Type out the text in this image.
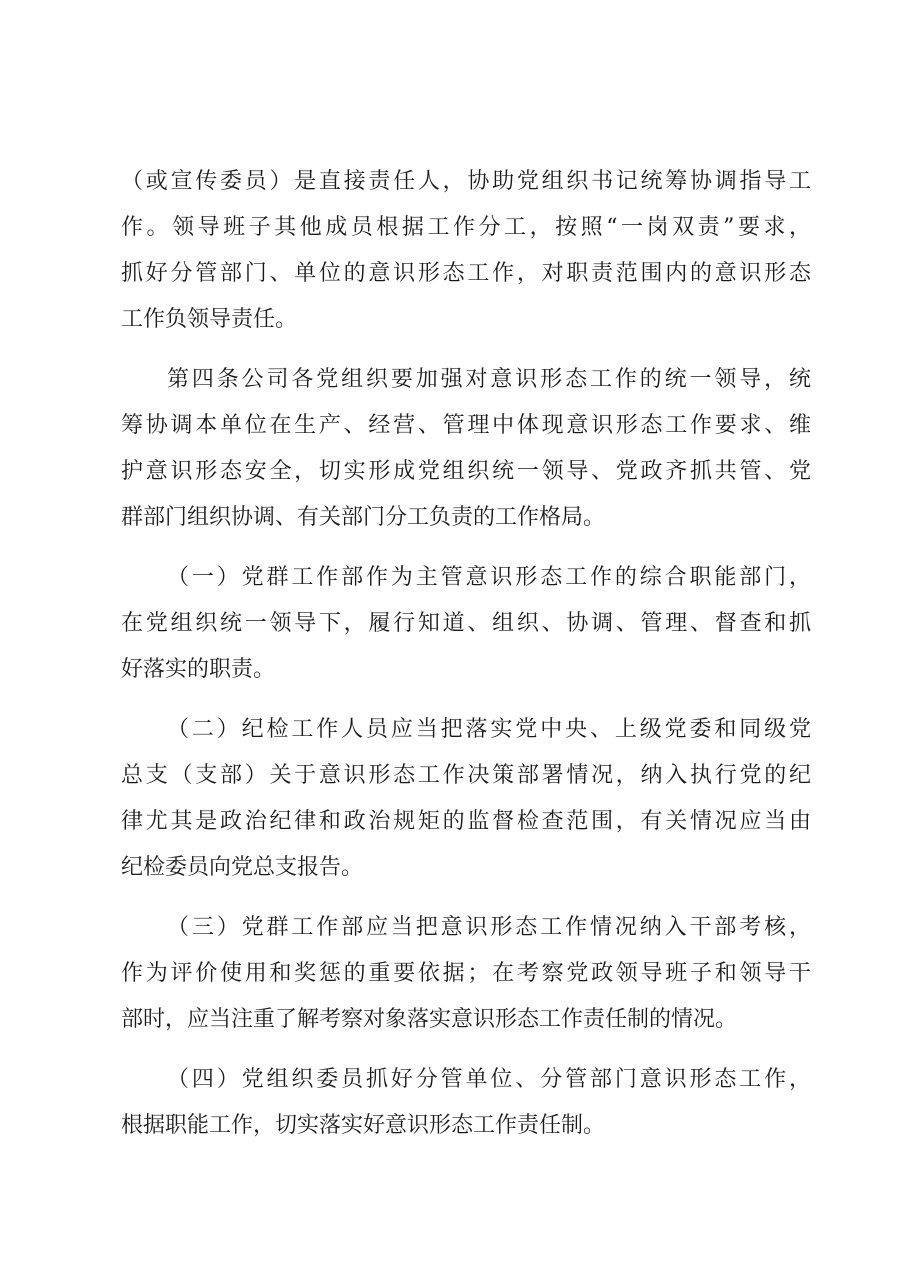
（或宣传委员）是直接责任人，协助党组织书记统筹协调指导工
作。领导班子其他成员根据工作分工，按照“一岗双责”要求，
抓好分管部门、单位的意识形态工作，对职责范围内的意识形态
工作负领导责任。
第四条公司各党组织要加强对意识形态工作的统一领导，统
筹协调本单位在生产、经营、管理中体现意识形态工作要求、维
护意识形态安全，切实形成党组织统一领导、党政齐抓共管、党
群部门组织协调、有关部门分工负责的工作格局。
（一）党群工作部作为主管意识形态工作的综合职能部门，
在党组织统一领导下，履行知道、组织、协调、管理、督查和抓
好落实的职责。
（二）纪检工作人员应当把落实党中央、上级党委和同级党
总支（支部）关于意识形态工作决策部署情况，纳入执行党的纪
律尤其是政治纪律和政治规矩的监督检查范围，有关情况应当由
纪检委员向党总支报告。
（三）党群工作部应当把意识形态工作情况纳入干部考核，
作为评价使用和奖惩的重要依据；在考察党政领导班子和领导干
部时，应当注重了解考察对象落实意识形态工作责任制的情况。
（四）党组织委员抓好分管单位、分管部门意识形态工作，
根据职能工作，切实落实好意识形态工作责任制。
